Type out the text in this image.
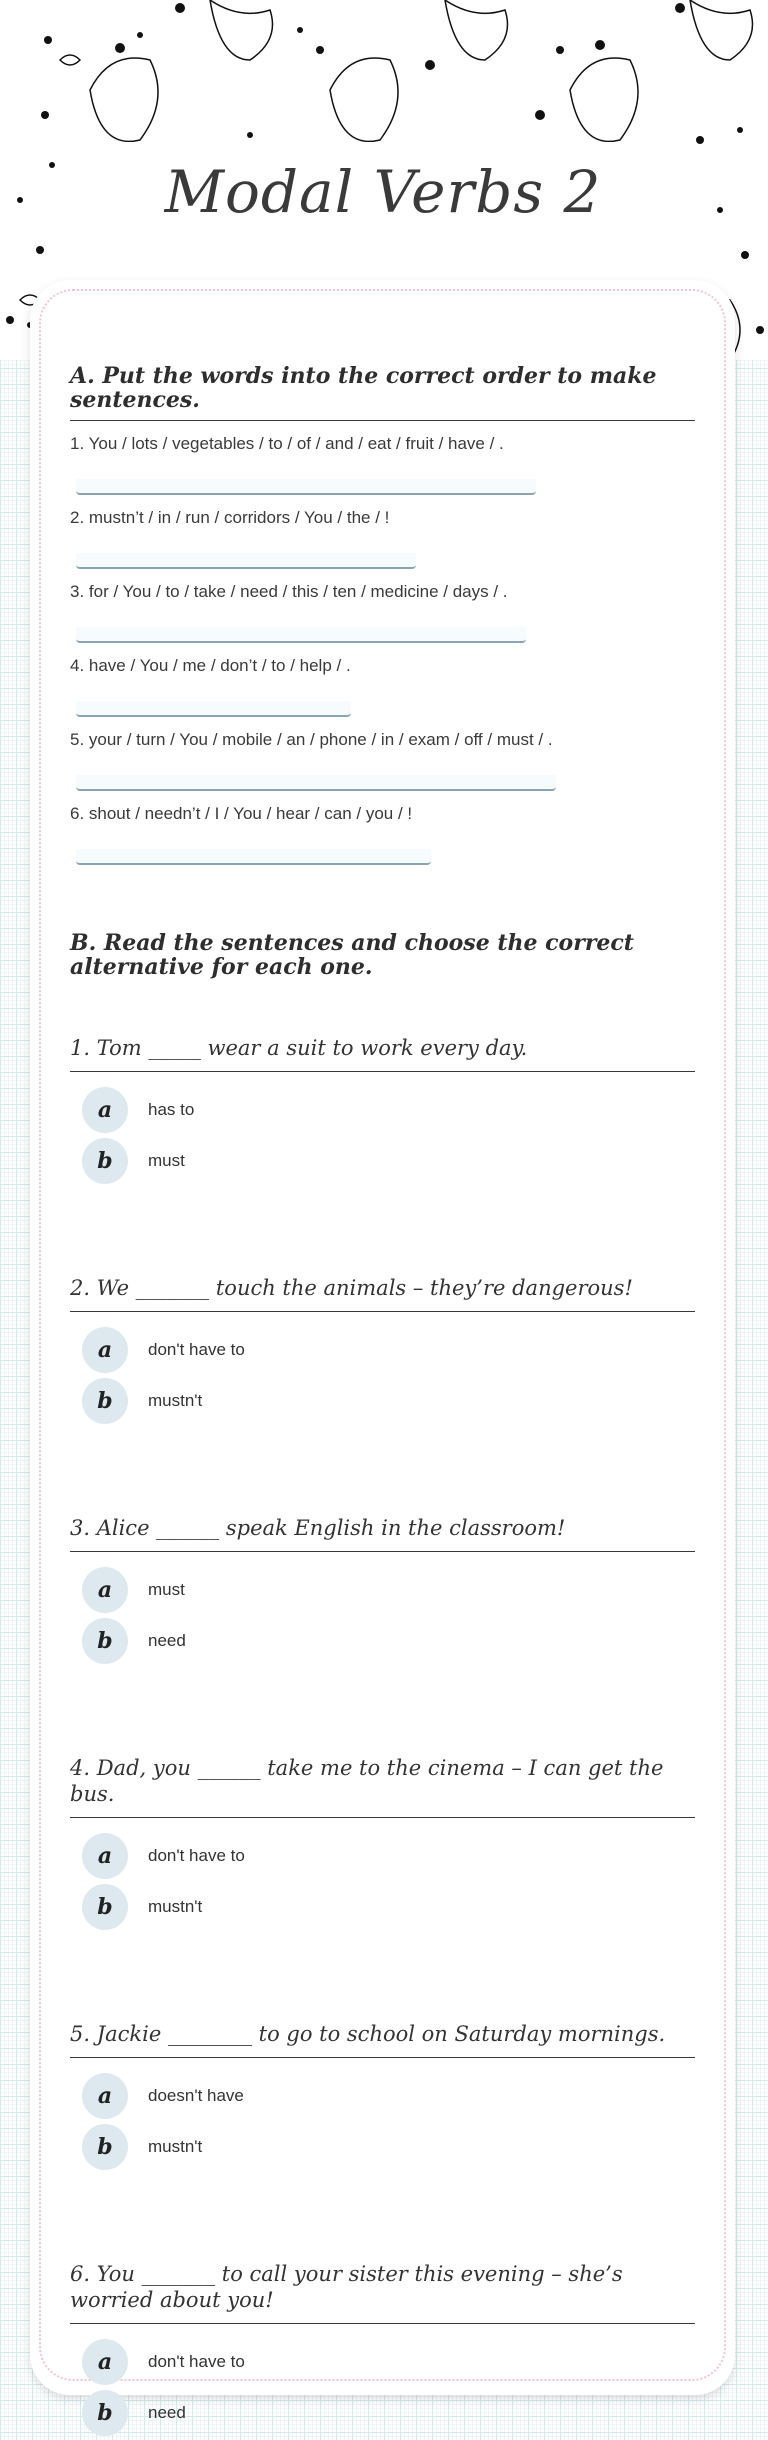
Modal Verbs 2
A. Put the words into the correct order to make sentences.
1. You / lots / vegetables / to / of / and / eat / fruit / have / .
2. mustn’t / in / run / corridors / You / the / !
3. for / You / to / take / need / this / ten / medicine / days / .
4. have / You / me / don’t / to / help / .
5. your / turn / You / mobile / an / phone / in / exam / off / must / .
6. shout / needn’t / I / You / hear / can / you / !
B. Read the sentences and choose the correct alternative for each one.
1. Tom _____ wear a suit to work every day.
a	has to
b	must
2. We _______ touch the animals – they’re dangerous!
a	don't have to
b	mustn't
3. Alice ______ speak English in the classroom!
a	must
b	need
4. Dad, you ______ take me to the cinema – I can get the bus.
a	don't have to
b	mustn't
5. Jackie ________ to go to school on Saturday mornings.
a	doesn't have
b	mustn't
6. You _______ to call your sister this evening – she’s worried about you!
a	don't have to
b	need
